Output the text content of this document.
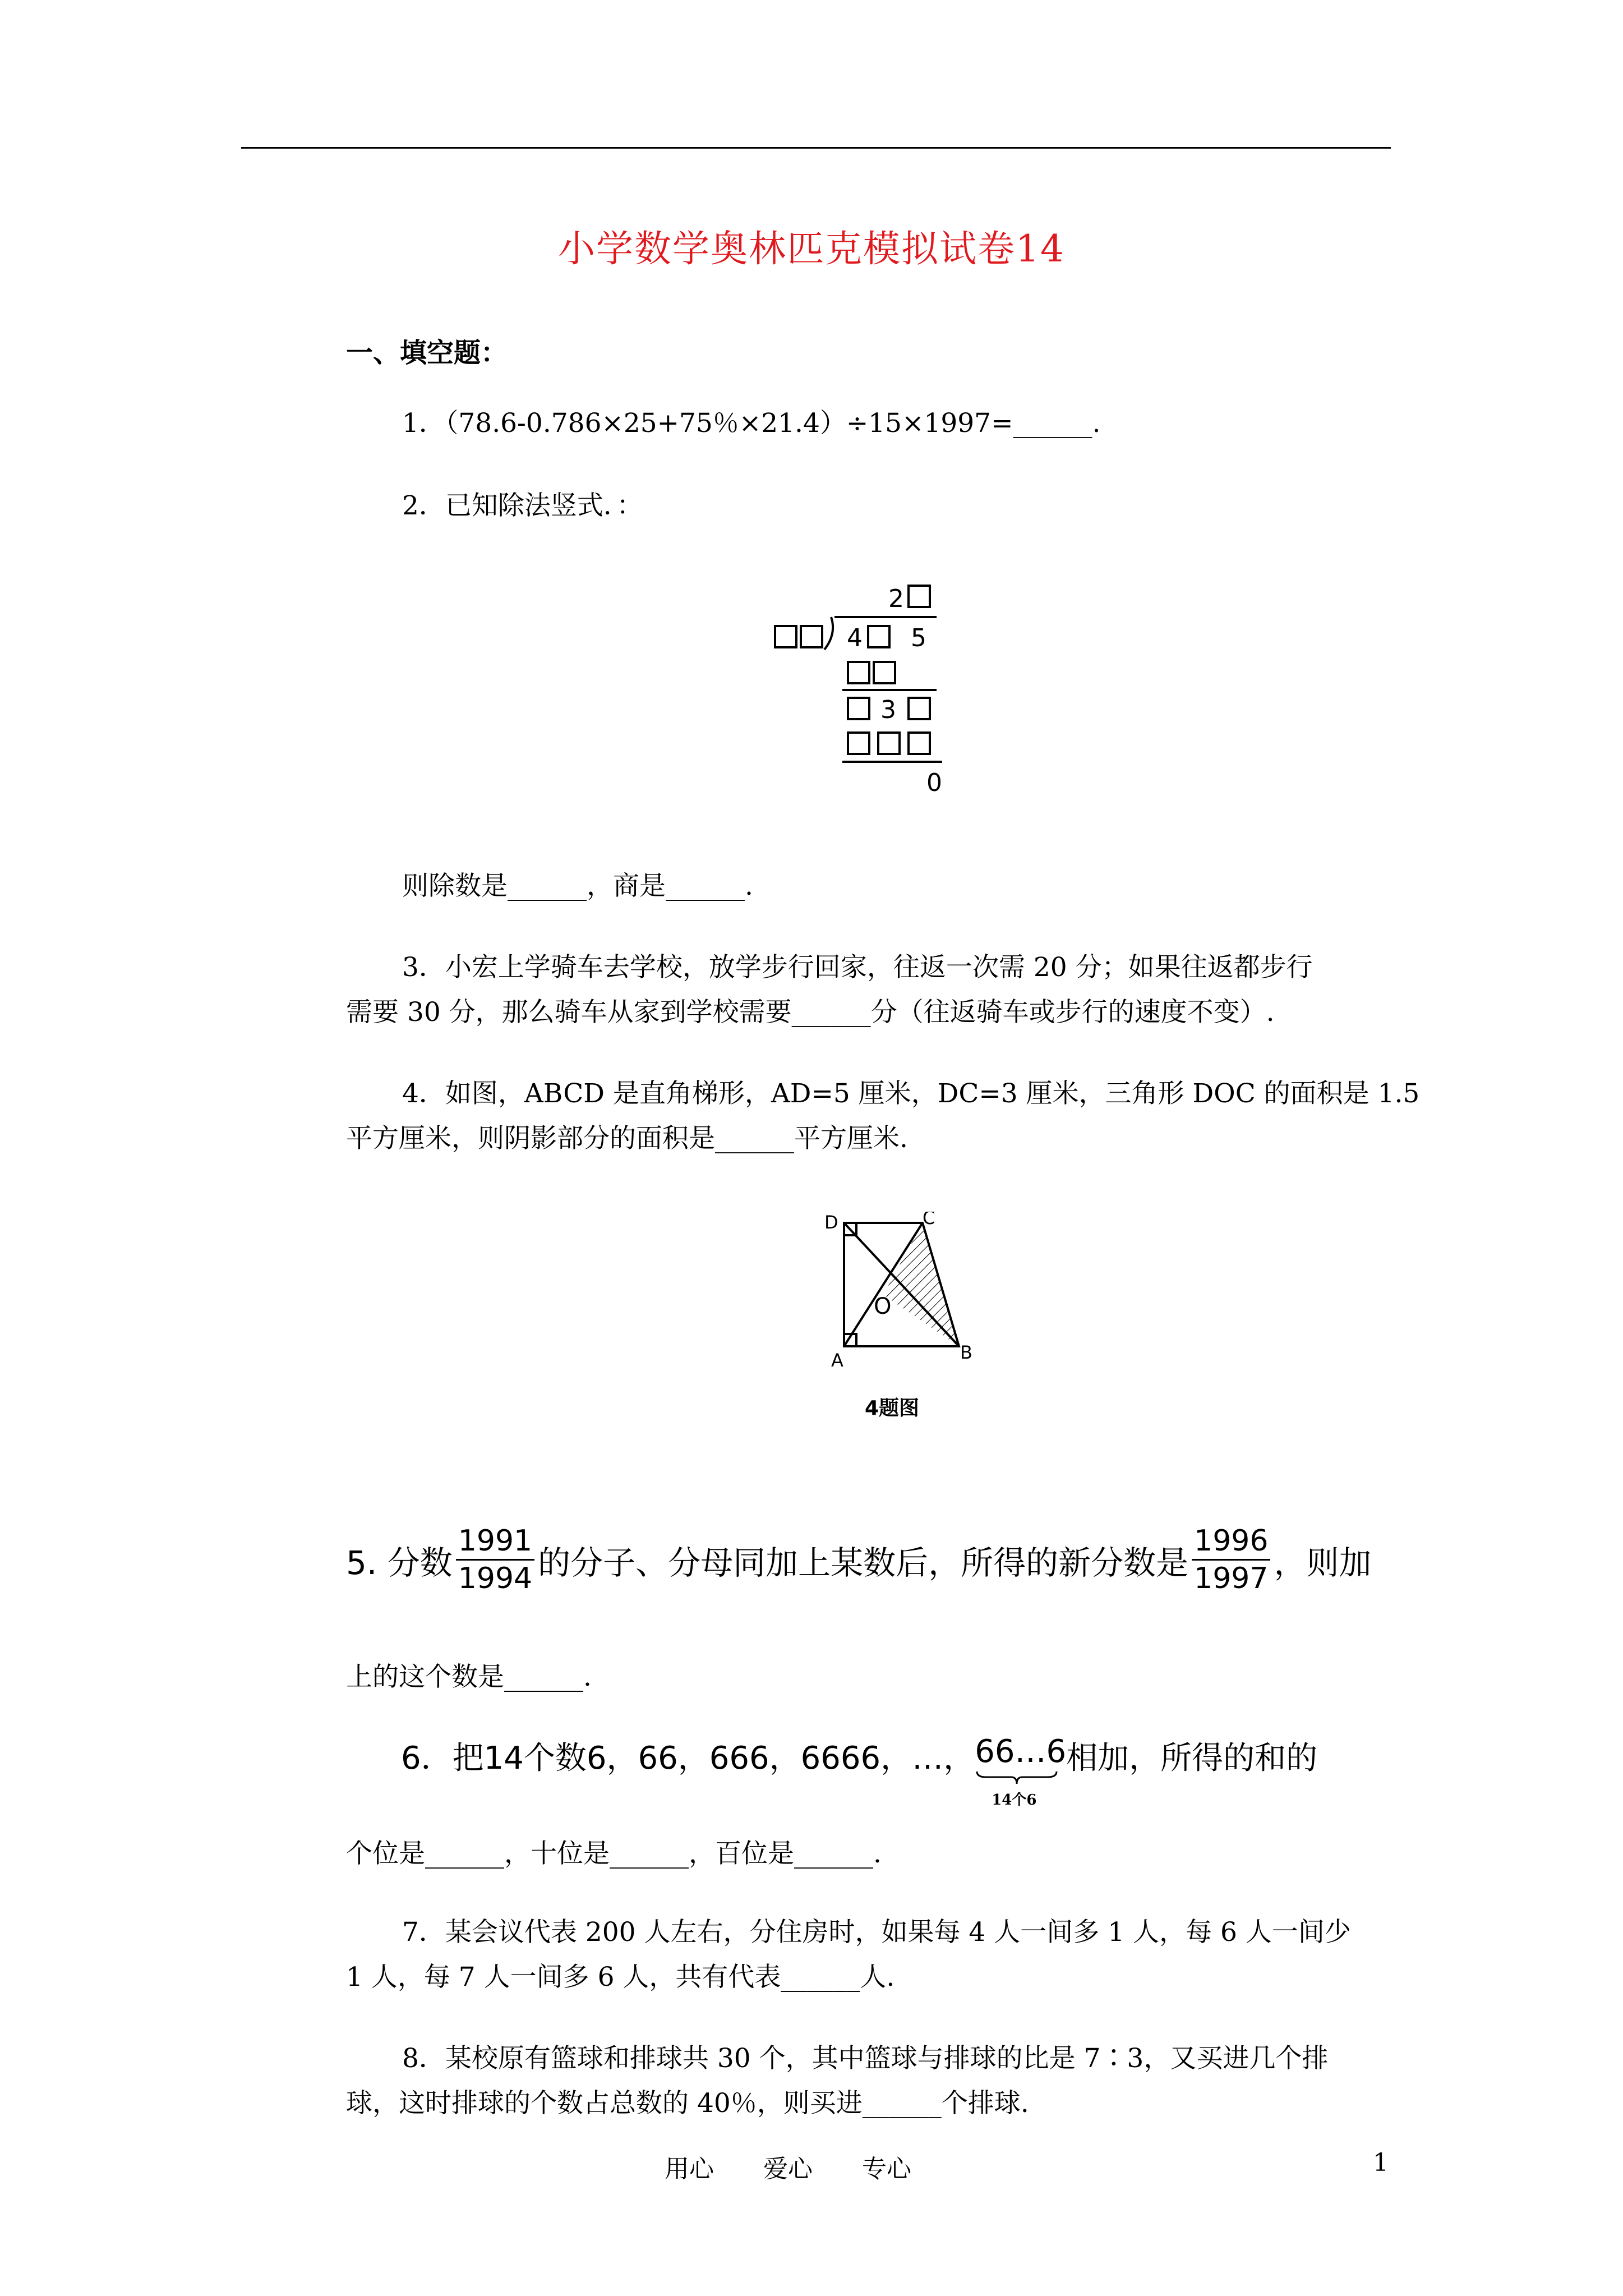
小学数学奥林匹克模拟试卷14
一、填空题：
1．（78.6-0.786×25+75％×21.4）÷15×1997=______.
2．已知除法竖式．：
2
4 5
3
0
则除数是______，商是______.
3．小宏上学骑车去学校，放学步行回家，往返一次需 20 分；如果往返都步行
需要 30 分，那么骑车从家到学校需要______分（往返骑车或步行的速度不变）.
4．如图，ABCD 是直角梯形，AD=5 厘米，DC=3 厘米，三角形 DOC 的面积是 1.5
平方厘米，则阴影部分的面积是______平方厘米.
D	C
O
A	B
4题图
5. 分数 $\frac{1991}{1994}$ 的分子、分母同加上某数后，所得的新分数是 $\frac{1996}{1997}$ ，则加
上的这个数是______.
6．把14个数6，66，666，6666，…， 66…6
14个6
相加，所得的和的
个位是______，十位是______，百位是______.
7．某会议代表 200 人左右，分住房时，如果每 4 人一间多 1 人，每 6 人一间少
1 人，每 7 人一间多 6 人，共有代表______人.
8．某校原有篮球和排球共 30 个，其中篮球与排球的比是 7∶3，又买进几个排
球，这时排球的个数占总数的 40％，则买进______个排球.
用心　　爱心　　专心	1
